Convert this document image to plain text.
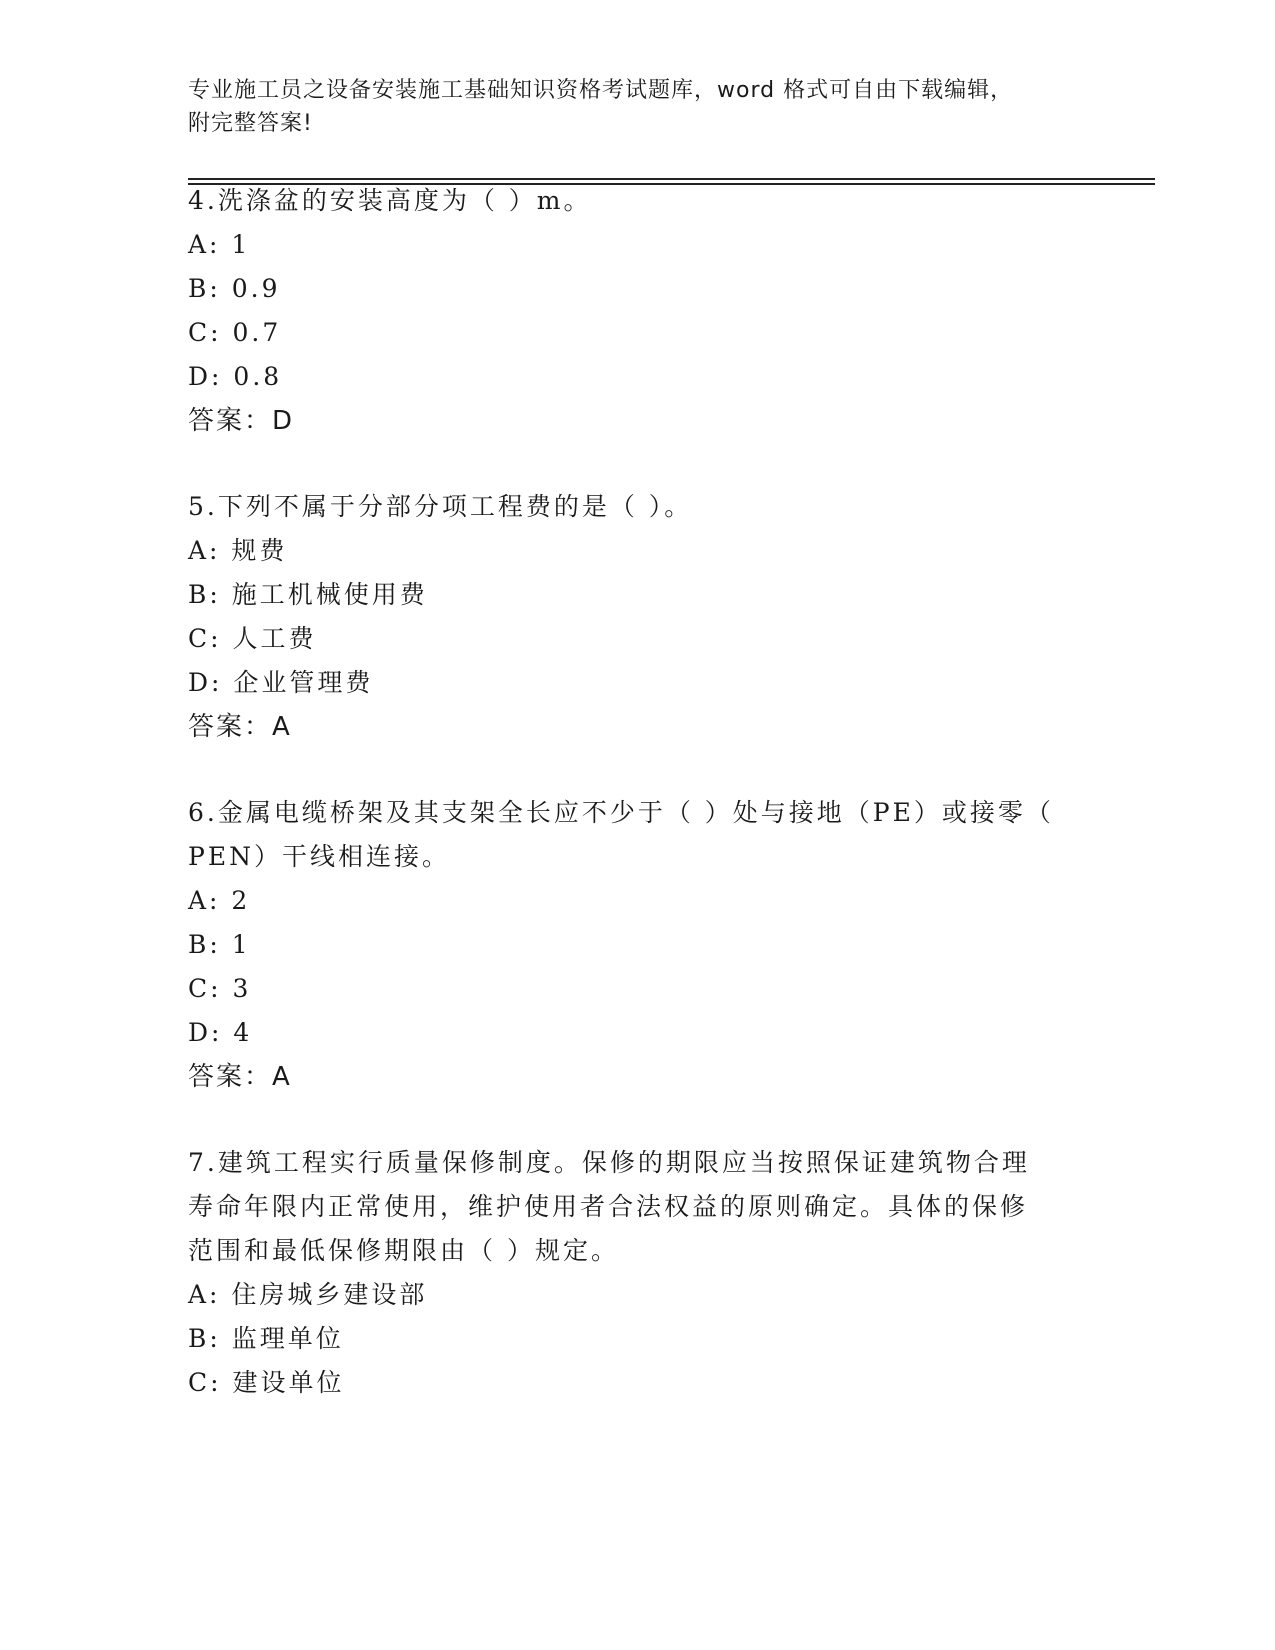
专业施工员之设备安装施工基础知识资格考试题库，word 格式可自由下载编辑，
附完整答案!
4.洗涤盆的安装高度为（ ）m。
A: 1
B: 0.9
C: 0.7
D: 0.8
答案：D
5.下列不属于分部分项工程费的是（ ）。
A: 规费
B: 施工机械使用费
C: 人工费
D: 企业管理费
答案：A
6.金属电缆桥架及其支架全长应不少于（ ）处与接地（PE）或接零（
PEN）干线相连接。
A: 2
B: 1
C: 3
D: 4
答案：A
7.建筑工程实行质量保修制度。保修的期限应当按照保证建筑物合理
寿命年限内正常使用，维护使用者合法权益的原则确定。具体的保修
范围和最低保修期限由（ ）规定。
A: 住房城乡建设部
B: 监理单位
C: 建设单位
